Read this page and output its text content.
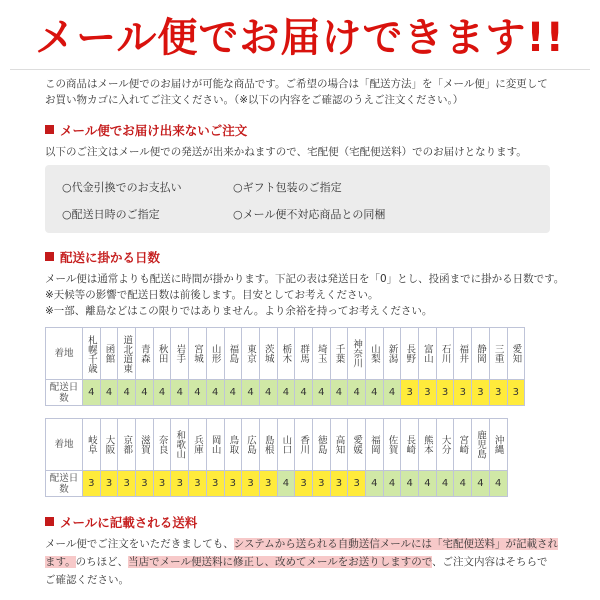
メール便でお届けできます!!
この商品はメール便でのお届けが可能な商品です。ご希望の場合は「配送方法」を「メール便」に変更して
お買い物カゴに入れてご注文ください。（※以下の内容をご確認のうえご注文ください。）
メール便でお届け出来ないご注文
以下のご注文はメール便での発送が出来かねますので、宅配便（宅配便送料）でのお届けとなります。
○代金引換でのお支払い	○ギフト包装のご指定
○配送日時のご指定	○メール便不対応商品との同梱
配送に掛かる日数
メール便は通常よりも配送に時間が掛かります。下記の表は発送日を「0」とし、投函までに掛かる日数です。
※天候等の影響で配送日数は前後します。目安としてお考えください。
※一部、離島などはこの限りではありません。より余裕を持ってお考えください。
着地	札幌千歳	函館	道北道東	青森	秋田	岩手	宮城	山形	福島	東京	茨城	栃木	群馬	埼玉	千葉	神奈川	山梨	新潟	長野	富山	石川	福井	静岡	三重	愛知
配送日数	4	4	4	4	4	4	4	4	4	4	4	4	4	4	4	4	4	4	3	3	3	3	3	3	3
着地	岐阜	大阪	京都	滋賀	奈良	和歌山	兵庫	岡山	鳥取	広島	島根	山口	香川	徳島	高知	愛媛	福岡	佐賀	長崎	熊本	大分	宮崎	鹿児島	沖縄
配送日数	3	3	3	3	3	3	3	3	3	3	3	4	3	3	3	3	4	4	4	4	4	4	4	4
メールに記載される送料
メール便でご注文をいただきましても、システムから送られる自動送信メールには「宅配便送料」が記載され
ます。のちほど、当店でメール便送料に修正し、改めてメールをお送りしますので、ご注文内容はそちらで
ご確認ください。
